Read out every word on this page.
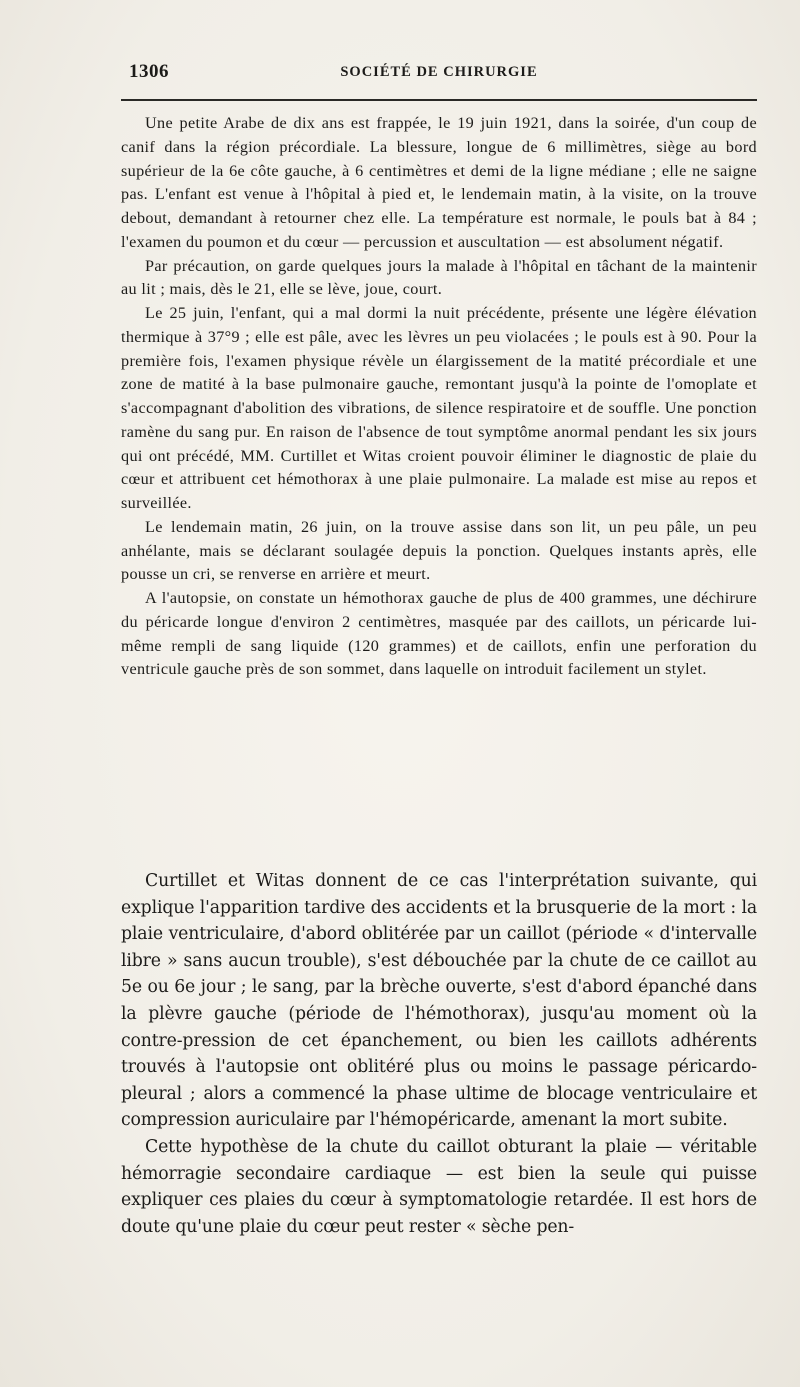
1306	SOCIÉTÉ DE CHIRURGIE

Une petite Arabe de dix ans est frappée, le 19 juin 1921, dans la soirée, d'un coup de canif dans la région précordiale. La blessure, longue de 6 millimètres, siège au bord supérieur de la 6e côte gauche, à 6 centimètres et demi de la ligne médiane ; elle ne saigne pas. L'enfant est venue à l'hôpital à pied et, le lendemain matin, à la visite, on la trouve debout, demandant à retourner chez elle. La température est normale, le pouls bat à 84 ; l'examen du poumon et du cœur — percussion et auscultation — est absolument négatif.

Par précaution, on garde quelques jours la malade à l'hôpital en tâchant de la maintenir au lit ; mais, dès le 21, elle se lève, joue, court.

Le 25 juin, l'enfant, qui a mal dormi la nuit précédente, présente une légère élévation thermique à 37°9 ; elle est pâle, avec les lèvres un peu violacées ; le pouls est à 90. Pour la première fois, l'examen physique révèle un élargissement de la matité précordiale et une zone de matité à la base pulmonaire gauche, remontant jusqu'à la pointe de l'omoplate et s'accompagnant d'abolition des vibrations, de silence respiratoire et de souffle. Une ponction ramène du sang pur. En raison de l'absence de tout symptôme anormal pendant les six jours qui ont précédé, MM. Curtillet et Witas croient pouvoir éliminer le diagnostic de plaie du cœur et attribuent cet hémothorax à une plaie pulmonaire. La malade est mise au repos et surveillée.

Le lendemain matin, 26 juin, on la trouve assise dans son lit, un peu pâle, un peu anhélante, mais se déclarant soulagée depuis la ponction. Quelques instants après, elle pousse un cri, se renverse en arrière et meurt.

A l'autopsie, on constate un hémothorax gauche de plus de 400 grammes, une déchirure du péricarde longue d'environ 2 centimètres, masquée par des caillots, un péricarde lui-même rempli de sang liquide (120 grammes) et de caillots, enfin une perforation du ventricule gauche près de son sommet, dans laquelle on introduit facilement un stylet.

Curtillet et Witas donnent de ce cas l'interprétation suivante, qui explique l'apparition tardive des accidents et la brusquerie de la mort : la plaie ventriculaire, d'abord oblitérée par un caillot (période « d'intervalle libre » sans aucun trouble), s'est débouchée par la chute de ce caillot au 5e ou 6e jour ; le sang, par la brèche ouverte, s'est d'abord épanché dans la plèvre gauche (période de l'hémothorax), jusqu'au moment où la contre-pression de cet épanchement, ou bien les caillots adhérents trouvés à l'autopsie ont oblitéré plus ou moins le passage péricardo-pleural ; alors a commencé la phase ultime de blocage ventriculaire et compression auriculaire par l'hémopéricarde, amenant la mort subite.

Cette hypothèse de la chute du caillot obturant la plaie — véritable hémorragie secondaire cardiaque — est bien la seule qui puisse expliquer ces plaies du cœur à symptomatologie retardée. Il est hors de doute qu'une plaie du cœur peut rester « sèche pen-
